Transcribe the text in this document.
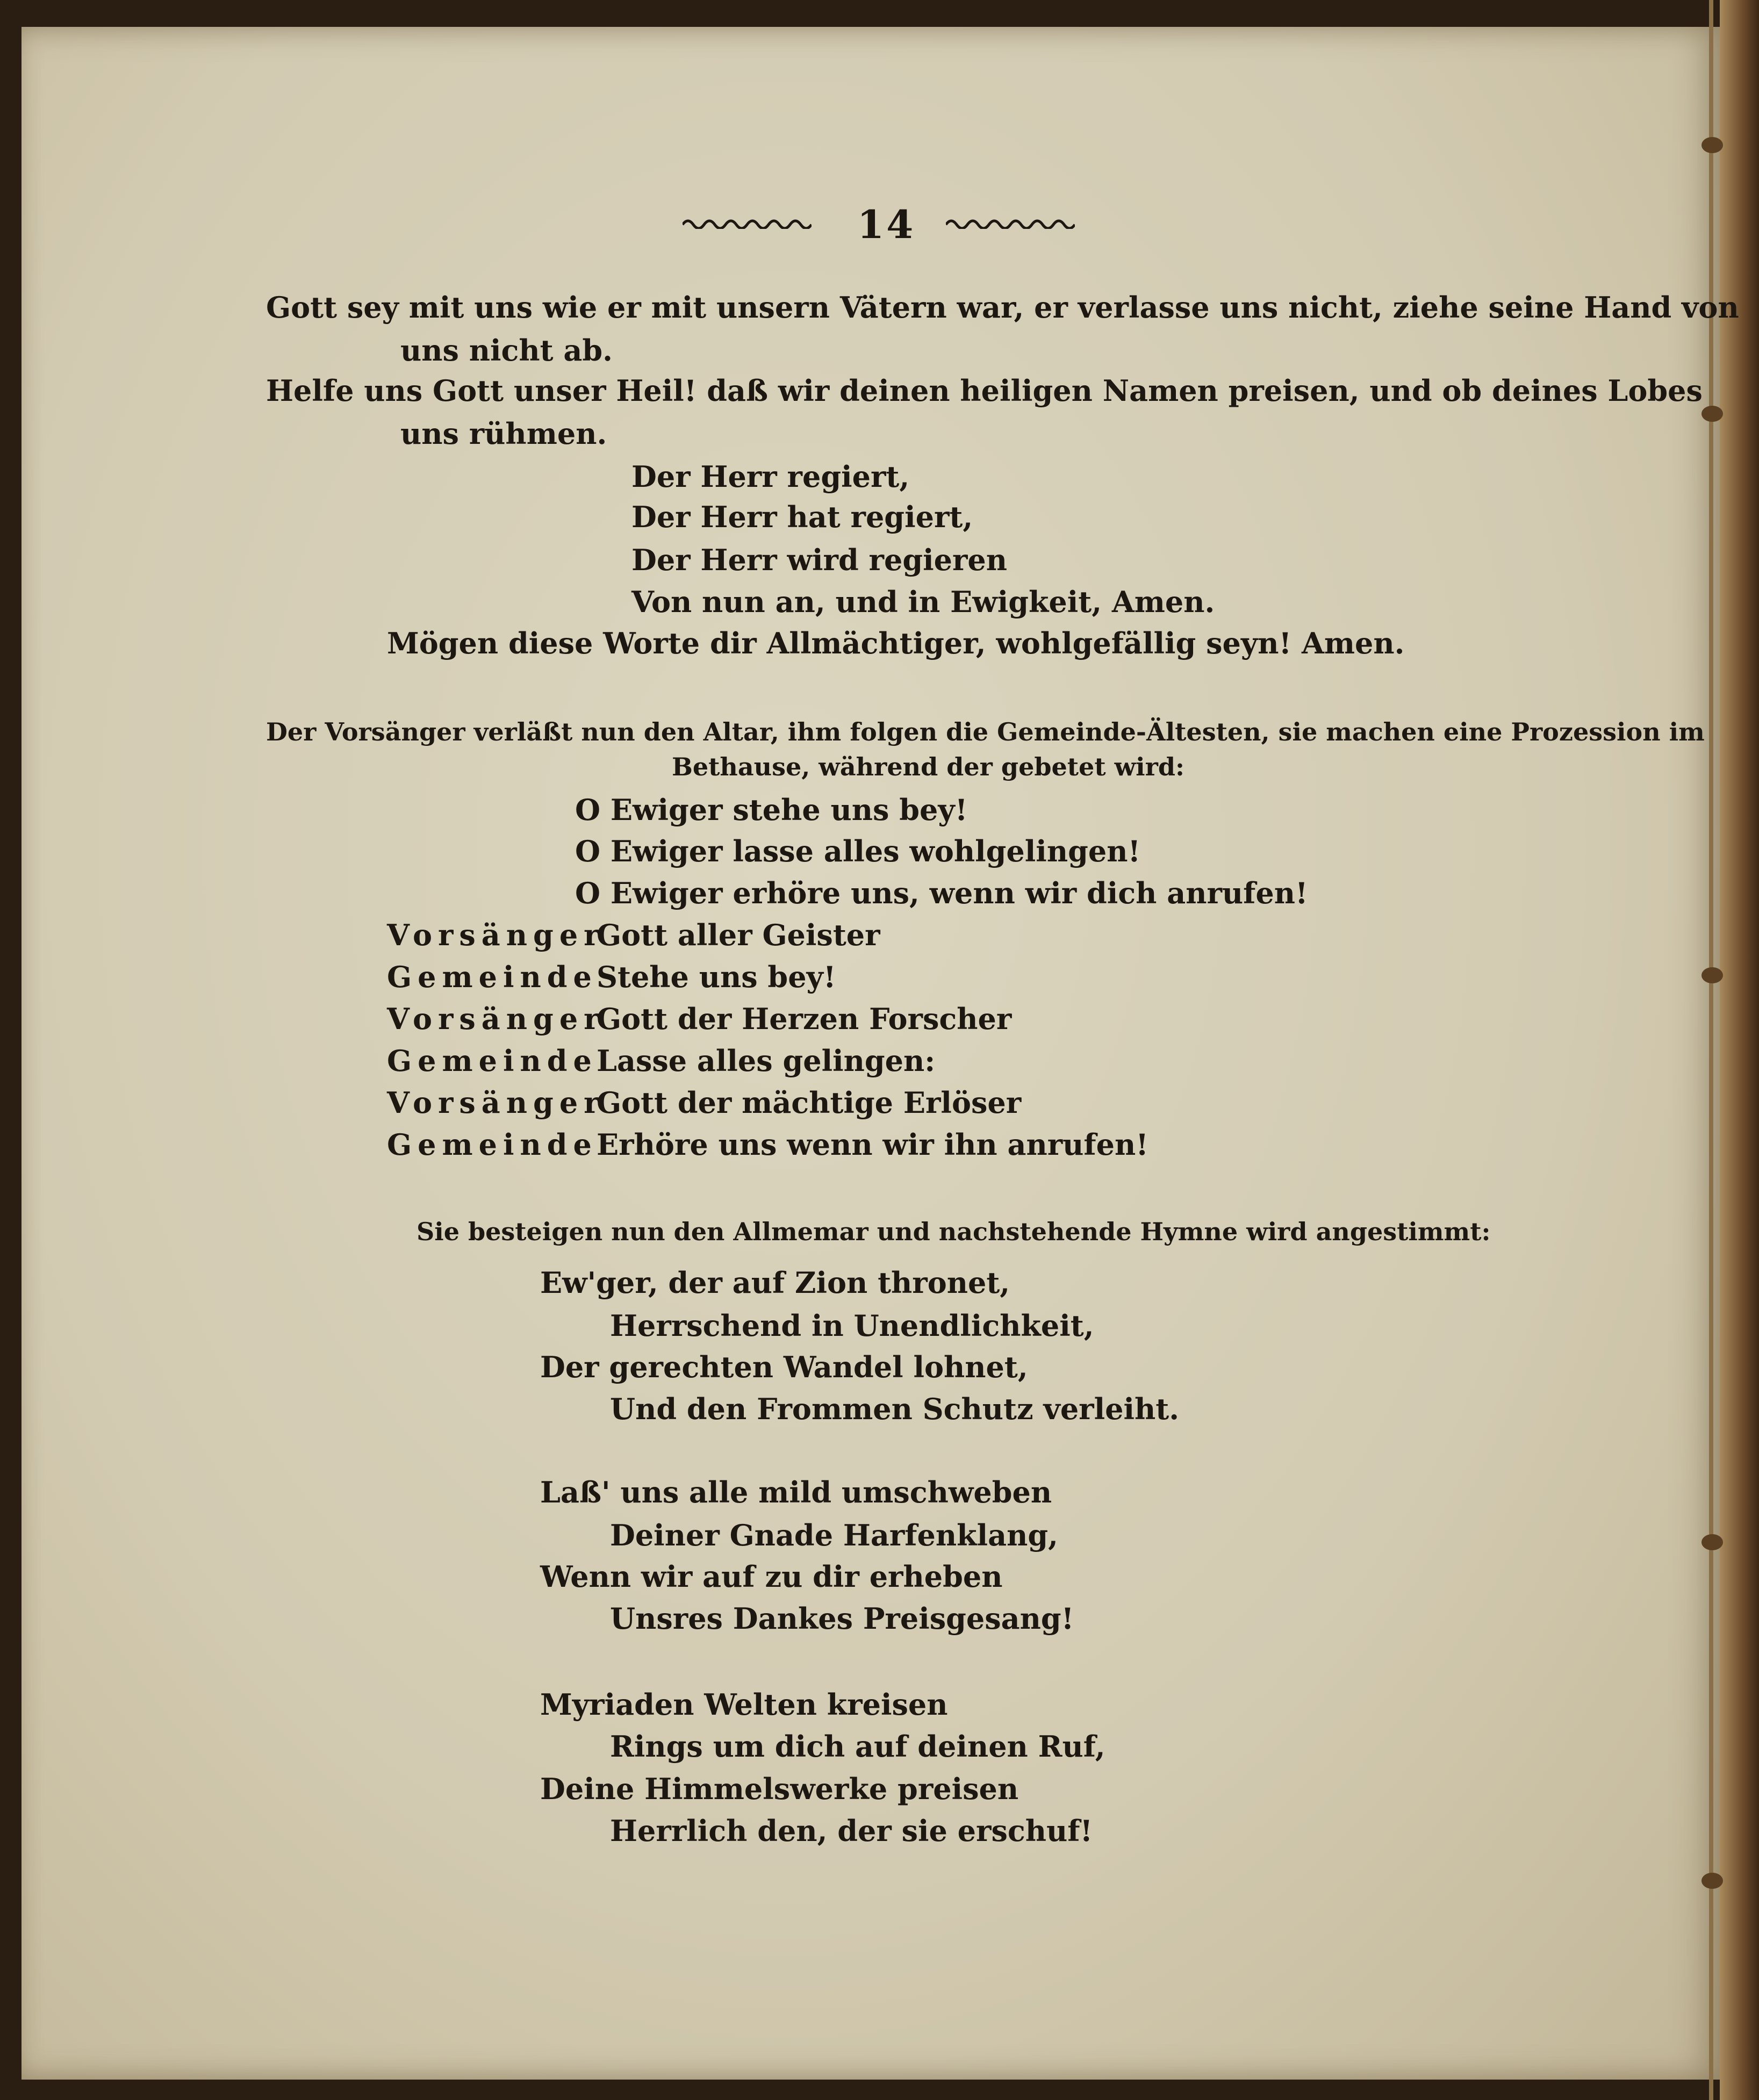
14
Gott sey mit uns wie er mit unsern Vätern war, er verlasse uns nicht, ziehe seine Hand von
uns nicht ab.
Helfe uns Gott unser Heil! daß wir deinen heiligen Namen preisen, und ob deines Lobes
uns rühmen.
Der Herr regiert,
Der Herr hat regiert,
Der Herr wird regieren
Von nun an, und in Ewigkeit, Amen.
Mögen diese Worte dir Allmächtiger, wohlgefällig seyn! Amen.
Der Vorsänger verläßt nun den Altar, ihm folgen die Gemeinde-Ältesten, sie machen eine Prozession im
Bethause, während der gebetet wird:
O Ewiger stehe uns bey!
O Ewiger lasse alles wohlgelingen!
O Ewiger erhöre uns, wenn wir dich anrufen!
VorsängerGott aller Geister
GemeindeStehe uns bey!
VorsängerGott der Herzen Forscher
GemeindeLasse alles gelingen:
VorsängerGott der mächtige Erlöser
GemeindeErhöre uns wenn wir ihn anrufen!
Sie besteigen nun den Allmemar und nachstehende Hymne wird angestimmt:
Ew'ger, der auf Zion thronet,
Herrschend in Unendlichkeit,
Der gerechten Wandel lohnet,
Und den Frommen Schutz verleiht.
Laß' uns alle mild umschweben
Deiner Gnade Harfenklang,
Wenn wir auf zu dir erheben
Unsres Dankes Preisgesang!
Myriaden Welten kreisen
Rings um dich auf deinen Ruf,
Deine Himmelswerke preisen
Herrlich den, der sie erschuf!
